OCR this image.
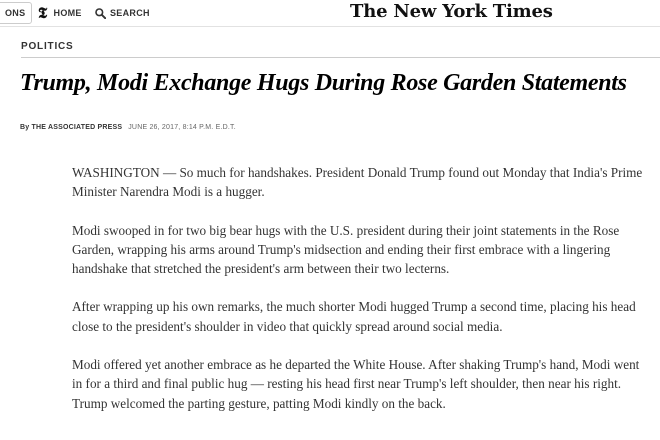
ONS 𝕿 HOME	SEARCH	The New York Times
POLITICS
Trump, Modi Exchange Hugs During Rose Garden Statements
By THE ASSOCIATED PRESS JUNE 26, 2017, 8:14 P.M. E.D.T.

WASHINGTON — So much for handshakes. President Donald Trump found out Monday that India's Prime Minister Narendra Modi is a hugger.

Modi swooped in for two big bear hugs with the U.S. president during their joint statements in the Rose Garden, wrapping his arms around Trump's midsection and ending their first embrace with a lingering handshake that stretched the president's arm between their two lecterns.

After wrapping up his own remarks, the much shorter Modi hugged Trump a second time, placing his head close to the president's shoulder in video that quickly spread around social media.

Modi offered yet another embrace as he departed the White House. After shaking Trump's hand, Modi went in for a third and final public hug — resting his head first near Trump's left shoulder, then near his right. Trump welcomed the parting gesture, patting Modi kindly on the back.
